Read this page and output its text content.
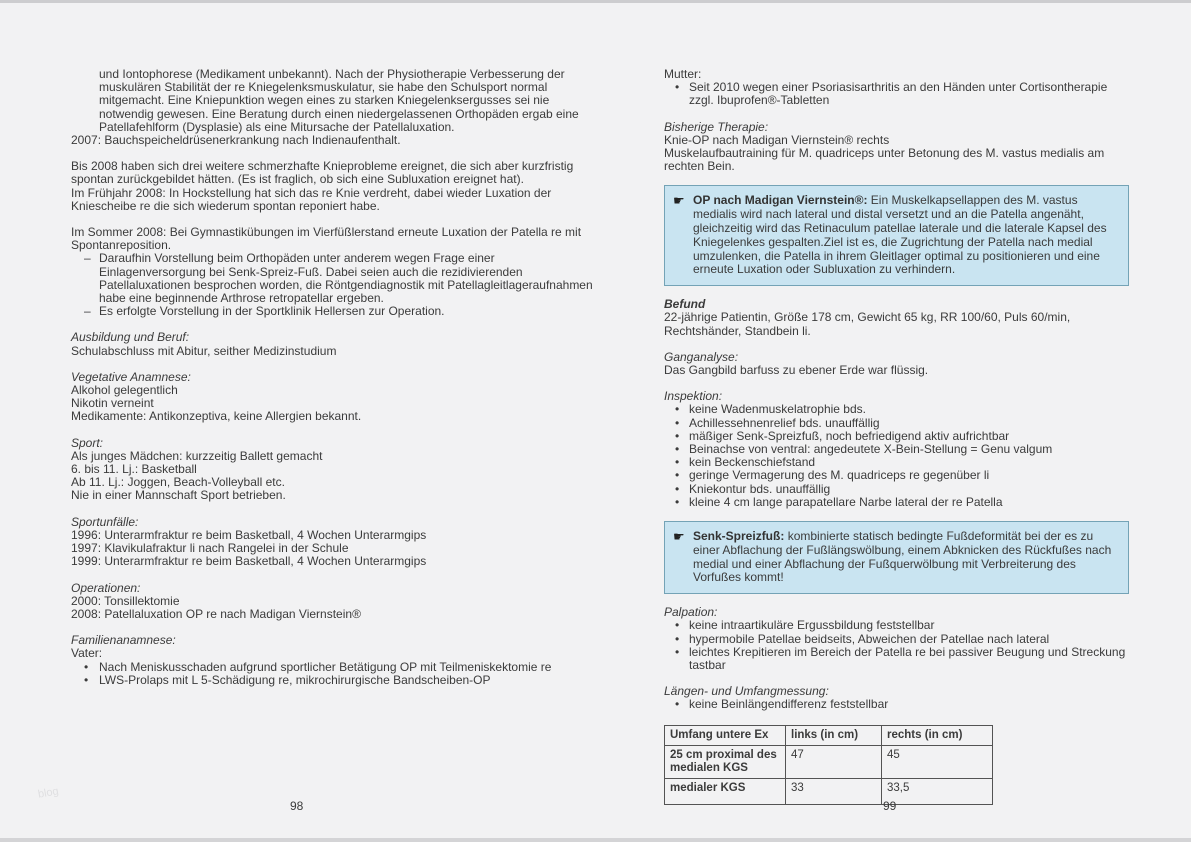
und Iontophorese (Medikament unbekannt). Nach der Physiotherapie Verbesserung der muskulären Stabilität der re Kniegelenksmuskulatur, sie habe den Schulsport normal mitgemacht. Eine Kniepunktion wegen eines zu starken Kniegelenksergusses sei nie notwendig gewesen. Eine Beratung durch einen niedergelassenen Orthopäden ergab eine Patellafehlform (Dysplasie) als eine Mitursache der Patellaluxation.

2007: Bauchspeicheldrüsenerkrankung nach Indienaufenthalt.

Bis 2008 haben sich drei weitere schmerzhafte Knieprobleme ereignet, die sich aber kurzfristig spontan zurückgebildet hätten. (Es ist fraglich, ob sich eine Subluxation ereignet hat).

Im Frühjahr 2008: In Hockstellung hat sich das re Knie verdreht, dabei wieder Luxation der Kniescheibe re die sich wiederum spontan reponiert habe.

Im Sommer 2008: Bei Gymnastikübungen im Vierfüßlerstand erneute Luxation der Patella re mit Spontanreposition.

– Daraufhin Vorstellung beim Orthopäden unter anderem wegen Frage einer Einlagenversorgung bei Senk-Spreiz-Fuß. Dabei seien auch die rezidivierenden Patellaluxationen besprochen worden, die Röntgendiagnostik mit Patellagleitlageraufnahmen habe eine beginnende Arthrose retropatellar ergeben.
– Es erfolgte Vorstellung in der Sportklinik Hellersen zur Operation.

Ausbildung und Beruf:

Schulabschluss mit Abitur, seither Medizinstudium

Vegetative Anamnese:

Alkohol gelegentlich

Nikotin verneint

Medikamente: Antikonzeptiva, keine Allergien bekannt.

Sport:

Als junges Mädchen: kurzzeitig Ballett gemacht

6. bis 11. Lj.: Basketball

Ab 11. Lj.: Joggen, Beach-Volleyball etc.

Nie in einer Mannschaft Sport betrieben.

Sportunfälle:

1996: Unterarmfraktur re beim Basketball, 4 Wochen Unterarmgips

1997: Klavikulafraktur li nach Rangelei in der Schule

1999: Unterarmfraktur re beim Basketball, 4 Wochen Unterarmgips

Operationen:

2000: Tonsillektomie

2008: Patellaluxation OP re nach Madigan Viernstein®

Familienanamnese:

Vater:

• Nach Meniskusschaden aufgrund sportlicher Betätigung OP mit Teilmeniskektomie re
• LWS-Prolaps mit L 5-Schädigung re, mikrochirurgische Bandscheiben-OP

Mutter:

• Seit 2010 wegen einer Psoriasisarthritis an den Händen unter Cortisontherapie zzgl. Ibuprofen®-Tabletten

Bisherige Therapie:

Knie-OP nach Madigan Viernstein® rechts

Muskelaufbautraining für M. quadriceps unter Betonung des M. vastus medialis am rechten Bein.

☛ OP nach Madigan Viernstein®: Ein Muskelkapsellappen des M. vastus medialis wird nach lateral und distal versetzt und an die Patella angenäht, gleichzeitig wird das Retinaculum patellae laterale und die laterale Kapsel des Kniegelenkes gespalten.Ziel ist es, die Zugrichtung der Patella nach medial umzulenken, die Patella in ihrem Gleitlager optimal zu positionieren und eine erneute Luxation oder Subluxation zu verhindern.

Befund

22-jährige Patientin, Größe 178 cm, Gewicht 65 kg, RR 100/60, Puls 60/min, Rechtshänder, Standbein li.

Ganganalyse:

Das Gangbild barfuss zu ebener Erde war flüssig.

Inspektion:

• keine Wadenmuskelatrophie bds.
• Achillessehnenrelief bds. unauffällig
• mäßiger Senk-Spreizfuß, noch befriedigend aktiv aufrichtbar
• Beinachse von ventral: angedeutete X-Bein-Stellung = Genu valgum
• kein Beckenschiefstand
• geringe Vermagerung des M. quadriceps re gegenüber li
• Kniekontur bds. unauffällig
• kleine 4 cm lange parapatellare Narbe lateral der re Patella
☛ Senk-Spreizfuß: kombinierte statisch bedingte Fußdeformität bei der es zu einer Abflachung der Fußlängswölbung, einem Abknicken des Rückfußes nach medial und einer Abflachung der Fußquerwölbung mit Verbreiterung des Vorfußes kommt!

Palpation:

• keine intraartikuläre Ergussbildung feststellbar
• hypermobile Patellae beidseits, Abweichen der Patellae nach lateral
• leichtes Krepitieren im Bereich der Patella re bei passiver Beugung und Streckung tastbar

Längen- und Umfangmessung:

• keine Beinlängendifferenz feststellbar
Umfang untere Ex	links (in cm)	rechts (in cm)
25 cm proximal des medialen KGS	47	45
medialer KGS	33	33,5
98	99
blog
